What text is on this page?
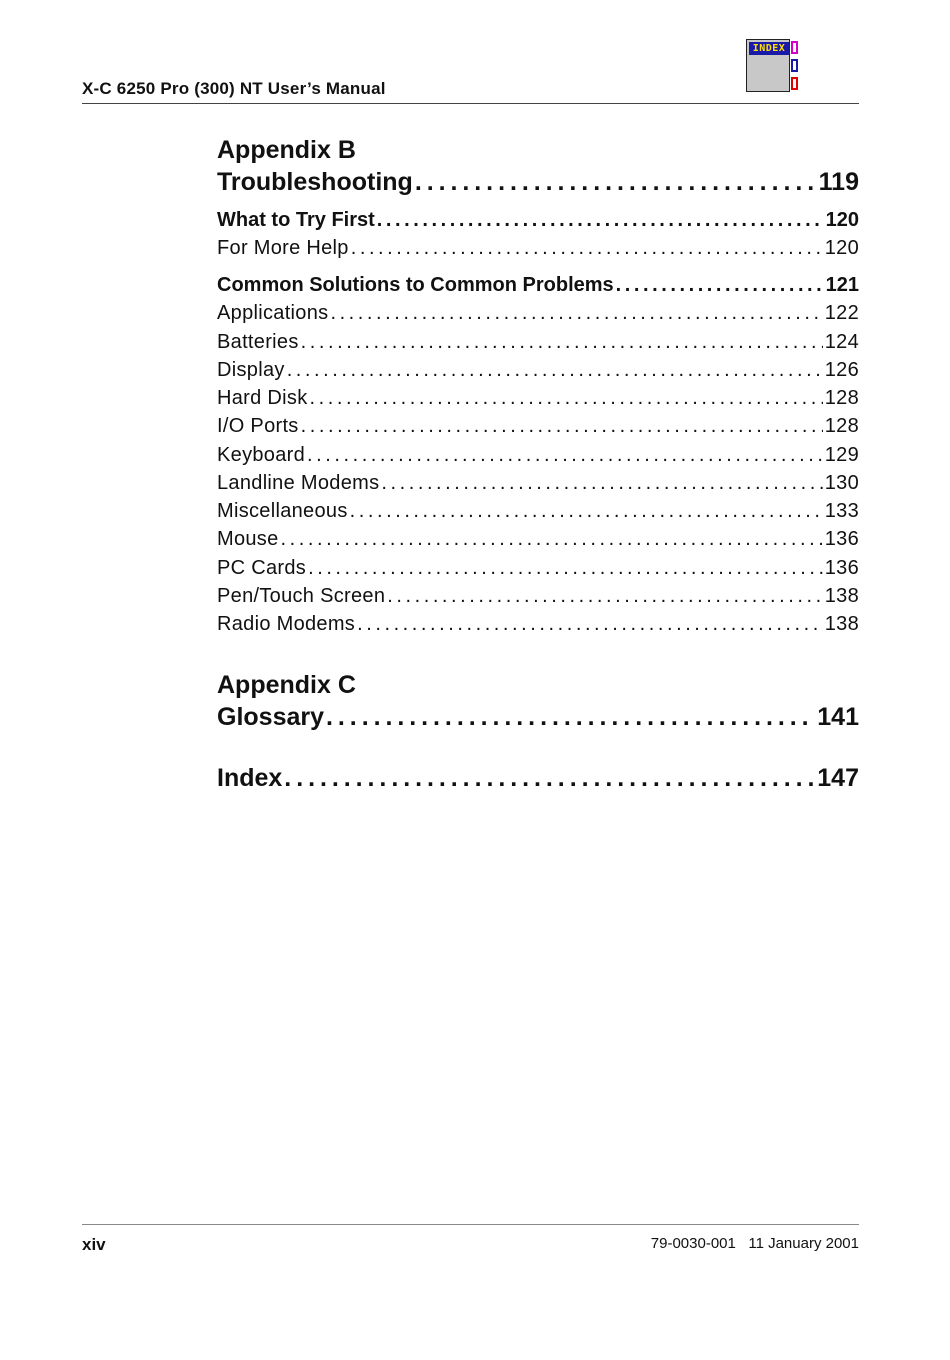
X-C 6250 Pro (300) NT User’s Manual
INDEX
Appendix B
Troubleshooting . . .	119
What to Try First . . .	120
For More Help . . .	120
Common Solutions to Common Problems . . .	121
Applications . . .	122
Batteries . . .	124
Display . . .	126
Hard Disk . . .	128
I/O Ports . . .	128
Keyboard . . .	129
Landline Modems . . .	130
Miscellaneous . . .	133
Mouse . . .	136
PC Cards . . .	136
Pen/Touch Screen . . .	138
Radio Modems . . .	138
Appendix C
Glossary . . .	141
Index . . .	147
xiv	79-0030-001   11 January 2001
